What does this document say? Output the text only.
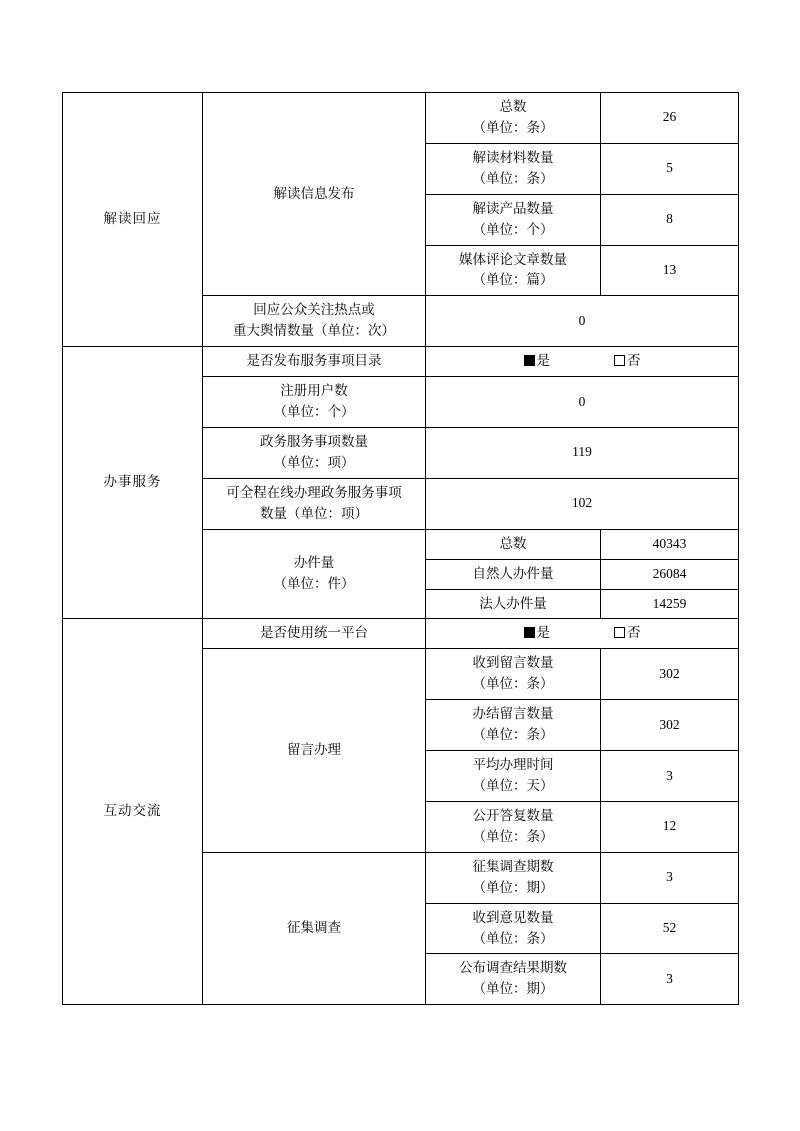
解读回应	解读信息发布	总数
（单位：条）	26

		解读材料数量
（单位：条）	5

		解读产品数量
（单位：个）	8

		媒体评论文章数量
（单位：篇）	13

	回应公众关注热点或
重大舆情数量（单位：次）	0	
办事服务	是否发布服务事项目录	是 否	

	注册用户数
（单位：个）	0	

	政务服务事项数量
（单位：项）	119	

	可全程在线办理政务服务事项
数量（单位：项）	102	

	办件量
（单位：件）	总数	40343
		自然人办件量	26084
		法人办件量	14259
互动交流	是否使用统一平台	是 否	

	留言办理	收到留言数量
（单位：条）	302

		办结留言数量
（单位：条）	302

		平均办理时间
（单位：天）	3

		公开答复数量
（单位：条）	12
	征集调查	征集调查期数
（单位：期）	3

		收到意见数量
（单位：条）	52

		公布调查结果期数
（单位：期）	3
